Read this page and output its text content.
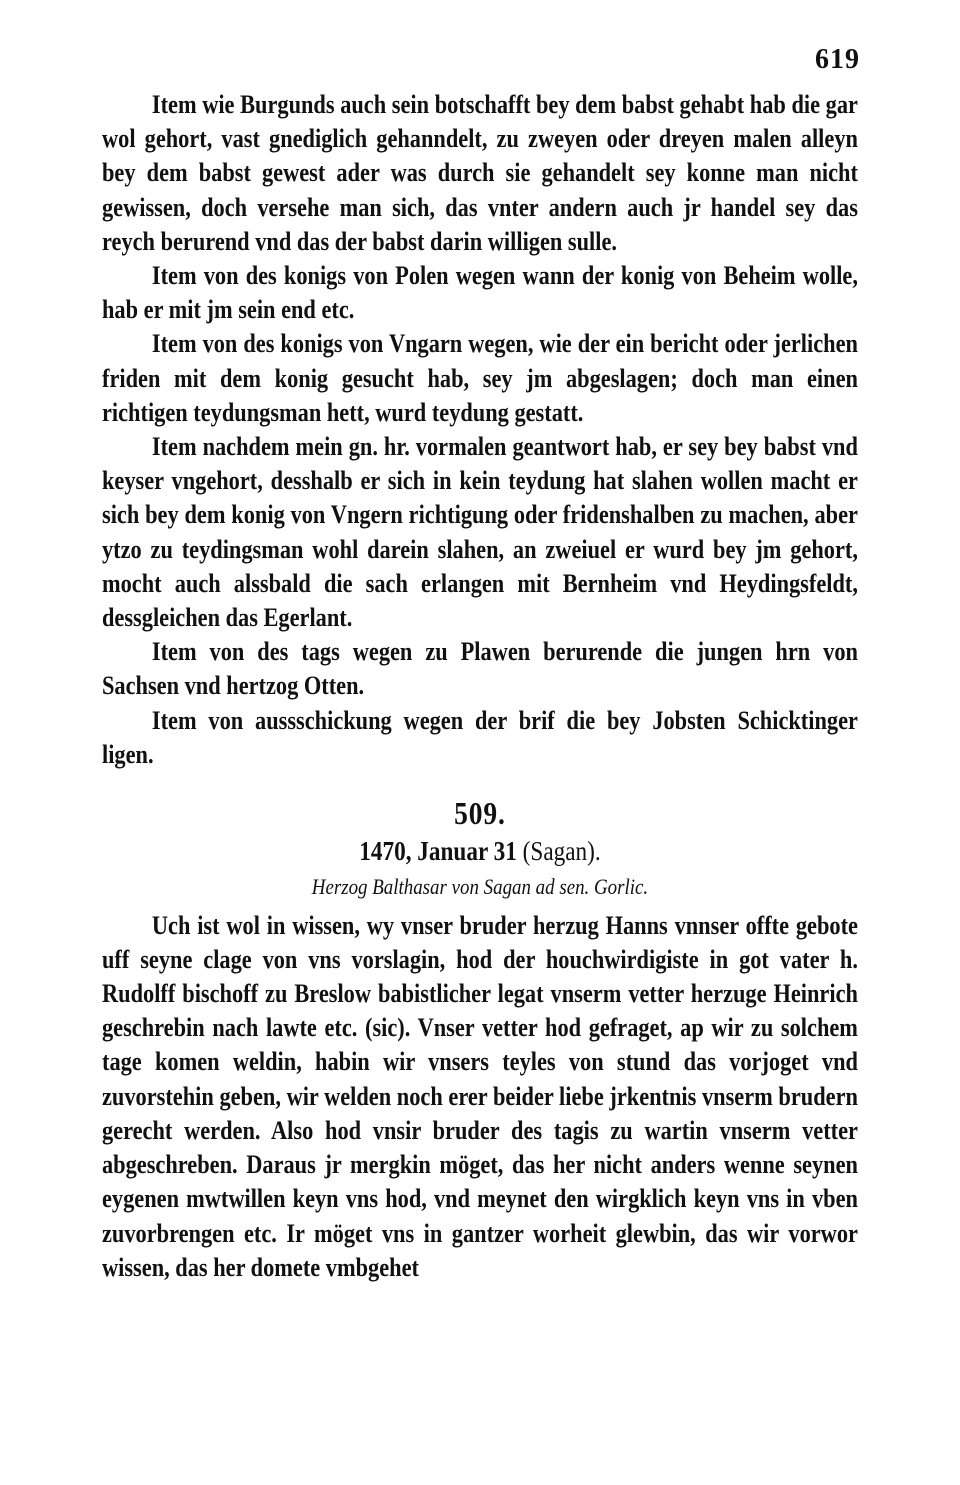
619

Item wie Burgunds auch sein botschafft bey dem babst gehabt hab die gar wol gehort, vast gnediglich gehanndelt, zu zweyen oder dreyen malen alleyn bey dem babst gewest ader was durch sie gehandelt sey konne man nicht gewissen, doch versehe man sich, das vnter andern auch jr handel sey das reych berurend vnd das der babst darin willigen sulle.

Item von des konigs von Polen wegen wann der konig von Beheim wolle, hab er mit jm sein end etc.

Item von des konigs von Vngarn wegen, wie der ein bericht oder jerlichen friden mit dem konig gesucht hab, sey jm abgeslagen; doch man einen richtigen teydungsman hett, wurd teydung gestatt.

Item nachdem mein gn. hr. vormalen geantwort hab, er sey bey babst vnd keyser vngehort, desshalb er sich in kein teydung hat slahen wollen macht er sich bey dem konig von Vngern richtigung oder fridenshalben zu machen, aber ytzo zu teydingsman wohl darein slahen, an zweiuel er wurd bey jm gehort, mocht auch alssbald die sach erlangen mit Bernheim vnd Heydingsfeldt, dessgleichen das Egerlant.

Item von des tags wegen zu Plawen berurende die jungen hrn von Sachsen vnd hertzog Otten.

Item von aussschickung wegen der brif die bey Jobsten Schicktinger ligen.

509.

1470, Januar 31 (Sagan).

Herzog Balthasar von Sagan ad sen. Gorlic.

Uch ist wol in wissen, wy vnser bruder herzug Hanns vnnser offte gebote uff seyne clage von vns vorslagin, hod der houchwirdigiste in got vater h. Rudolff bischoff zu Breslow babistlicher legat vnserm vetter herzuge Heinrich geschrebin nach lawte etc. (sic). Vnser vetter hod gefraget, ap wir zu solchem tage komen weldin, habin wir vnsers teyles von stund das vorjoget vnd zuvorstehin geben, wir welden noch erer beider liebe jrkentnis vnserm brudern gerecht werden. Also hod vnsir bruder des tagis zu wartin vnserm vetter abgeschreben. Daraus jr mergkin möget, das her nicht anders wenne seynen eygenen mwtwillen keyn vns hod, vnd meynet den wirgklich keyn vns in vben zuvorbrengen etc. Ir möget vns in gantzer worheit glewbin, das wir vorwor wissen, das her domete vmbgehet
